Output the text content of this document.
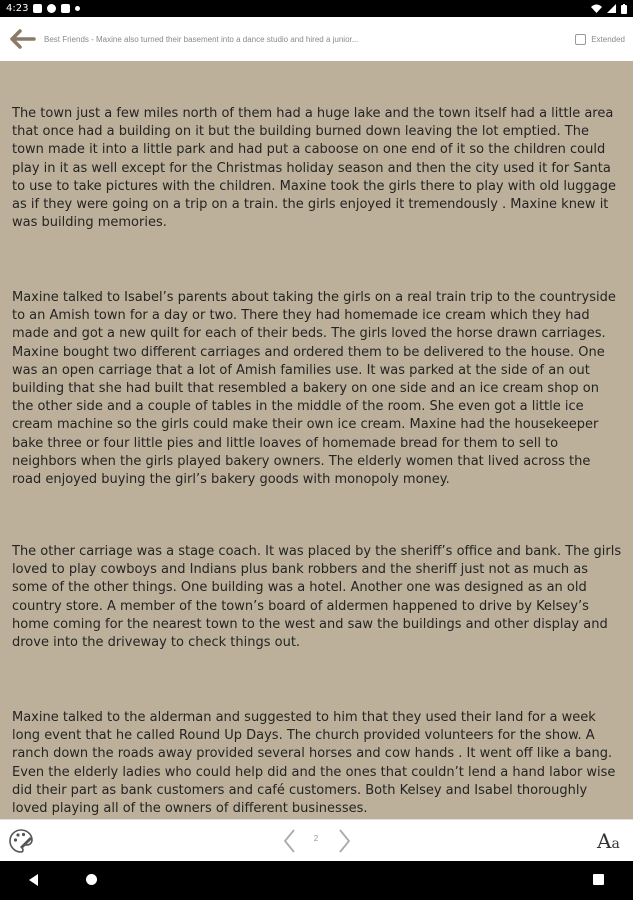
4:23
Best Friends - Maxine also turned their basement into a dance studio and hired a junior...	Extended

The town just a few miles north of them had a huge lake and the town itself had a little area that once had a building on it but the building burned down leaving the lot emptied. The town made it into a little park and had put a caboose on one end of it so the children could play in it as well except for the Christmas holiday season and then the city used it for Santa to use to take pictures with the children. Maxine took the girls there to play with old luggage as if they were going on a trip on a train. the girls enjoyed it tremendously . Maxine knew it was building memories.

Maxine talked to Isabel’s parents about taking the girls on a real train trip to the countryside to an Amish town for a day or two. There they had homemade ice cream which they had made and got a new quilt for each of their beds. The girls loved the horse drawn carriages. Maxine bought two different carriages and ordered them to be delivered to the house. One was an open carriage that a lot of Amish families use. It was parked at the side of an out building that she had built that resembled a bakery on one side and an ice cream shop on the other side and a couple of tables in the middle of the room. She even got a little ice cream machine so the girls could make their own ice cream. Maxine had the housekeeper bake three or four little pies and little loaves of homemade bread for them to sell to neighbors when the girls played bakery owners. The elderly women that lived across the road enjoyed buying the girl’s bakery goods with monopoly money.

The other carriage was a stage coach. It was placed by the sheriff’s office and bank. The girls loved to play cowboys and Indians plus bank robbers and the sheriff just not as much as some of the other things. One building was a hotel. Another one was designed as an old country store. A member of the town’s board of aldermen happened to drive by Kelsey’s home coming for the nearest town to the west and saw the buildings and other display and drove into the driveway to check things out.

Maxine talked to the alderman and suggested to him that they used their land for a week long event that he called Round Up Days. The church provided volunteers for the show. A ranch down the roads away provided several horses and cow hands . It went off like a bang. Even the elderly ladies who could help did and the ones that couldn’t lend a hand labor wise did their part as bank customers and café customers. Both Kelsey and Isabel thoroughly loved playing all of the owners of different businesses.

2	Aa
